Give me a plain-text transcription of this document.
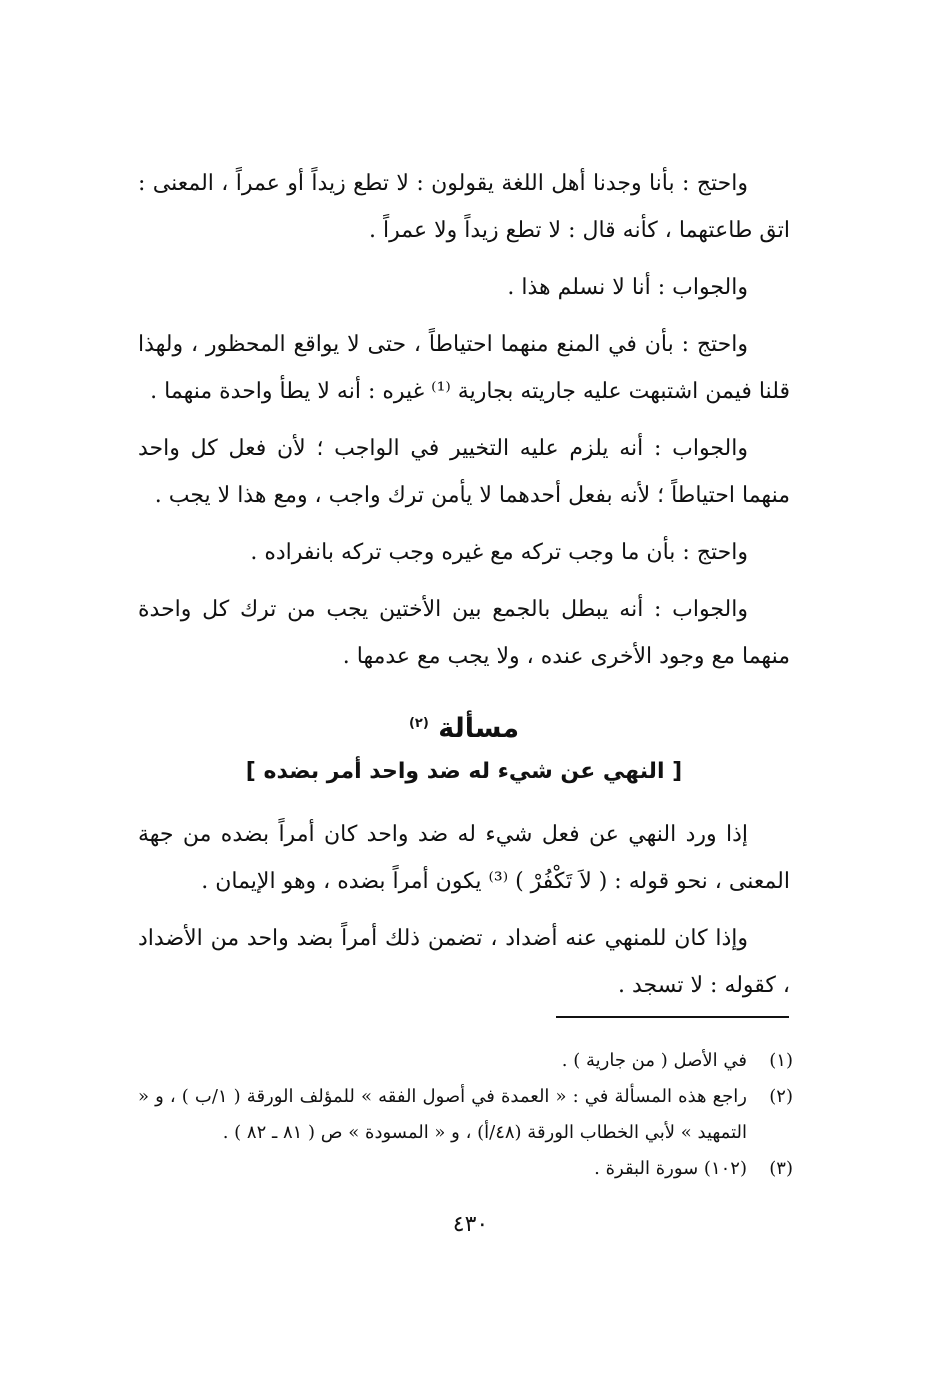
واحتج : بأنا وجدنا أهل اللغة يقولون : لا تطع زيداً أو عمراً ، المعنى : اتق طاعتهما ، كأنه قال : لا تطع زيداً ولا عمراً .

والجواب : أنا لا نسلم هذا .

واحتج : بأن في المنع منهما احتياطاً ، حتى لا يواقع المحظور ، ولهذا قلنا فيمن اشتبهت عليه جاريته بجارية ⁽¹⁾ غيره : أنه لا يطأ واحدة منهما .

والجواب : أنه يلزم عليه التخيير في الواجب ؛ لأن فعل كل واحد منهما احتياطاً ؛ لأنه بفعل أحدهما لا يأمن ترك واجب ، ومع هذا لا يجب .

واحتج : بأن ما وجب تركه مع غيره وجب تركه بانفراده .

والجواب : أنه يبطل بالجمع بين الأختين يجب من ترك كل واحدة منهما مع وجود الأخرى عنده ، ولا يجب مع عدمها .

مسألة $^{(٢)}$
[ النهي عن شيء له ضد واحد أمر بضده ]

إذا ورد النهي عن فعل شيء له ضد واحد كان أمراً بضده من جهة المعنى ، نحو قوله : ( لاَ تَكْفُرْ ) ⁽³⁾ يكون أمراً بضده ، وهو الإيمان .

وإذا كان للمنهي عنه أضداد ، تضمن ذلك أمراً بضد واحد من الأضداد ، كقوله : لا تسجد .

(١)
في الأصل ( من جارية ) .
(٢)
راجع هذه المسألة في : « العمدة في أصول الفقه » للمؤلف الورقة ( ١/ب ) ، و « التمهيد » لأبي الخطاب الورقة (٤٨/أ) ، و « المسودة » ص ( ٨١ ـ ٨٢ ) .
(٣)
(١٠٢) سورة البقرة .
٤٣٠
